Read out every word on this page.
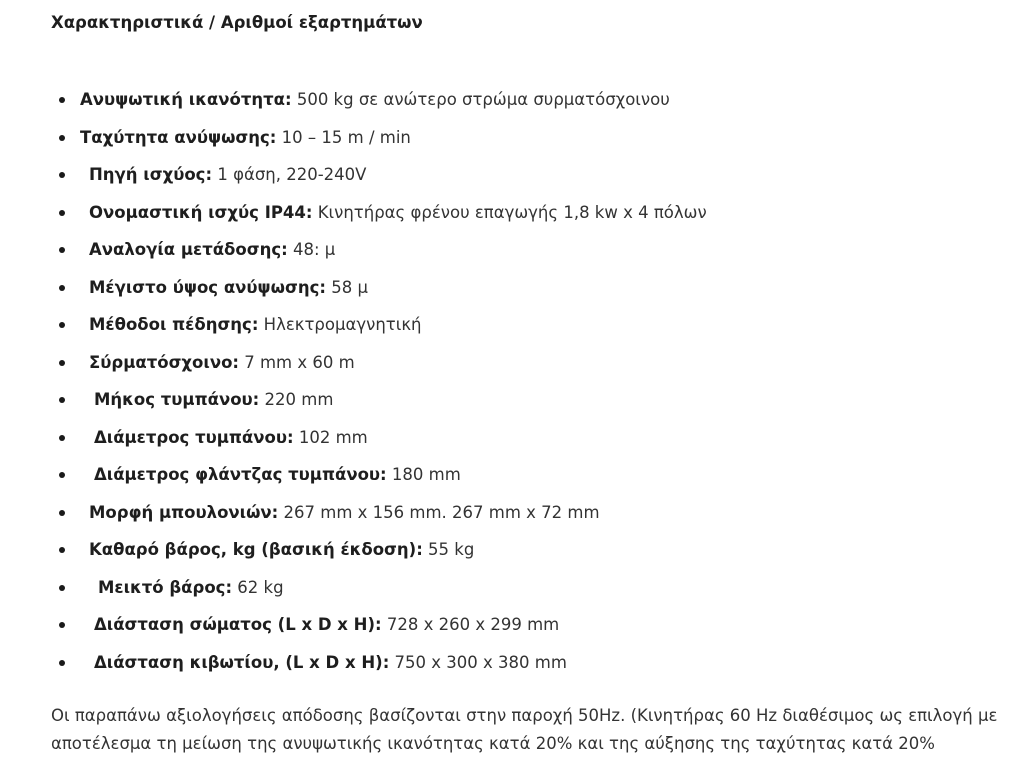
Χαρακτηριστικά / Αριθμοί εξαρτημάτων
Ανυψωτική ικανότητα: 500 kg σε ανώτερο στρώμα συρματόσχοινου
Ταχύτητα ανύψωσης: 10 – 15 m / min
Πηγή ισχύος: 1 φάση, 220-240V
Ονομαστική ισχύς IP44: Κινητήρας φρένου επαγωγής 1,8 kw x 4 πόλων
Αναλογία μετάδοσης: 48: μ
Μέγιστο ύψος ανύψωσης: 58 μ
Μέθοδοι πέδησης: Ηλεκτρομαγνητική
Σύρματόσχοινο: 7 mm x 60 m
Μήκος τυμπάνου: 220 mm
Διάμετρος τυμπάνου: 102 mm
Διάμετρος φλάντζας τυμπάνου: 180 mm
Μορφή μπουλονιών: 267 mm x 156 mm. 267 mm x 72 mm
Καθαρό βάρος, kg (βασική έκδοση): 55 kg
Μεικτό βάρος: 62 kg
Διάσταση σώματος (L x D x H): 728 x 260 x 299 mm
Διάσταση κιβωτίου, (L x D x H): 750 x 300 x 380 mm

Οι παραπάνω αξιολογήσεις απόδοσης βασίζονται στην παροχή 50Hz. (Κινητήρας 60 Hz διαθέσιμος ως επιλογή με
αποτέλεσμα τη μείωση της ανυψωτικής ικανότητας κατά 20% και της αύξησης της ταχύτητας κατά 20%
